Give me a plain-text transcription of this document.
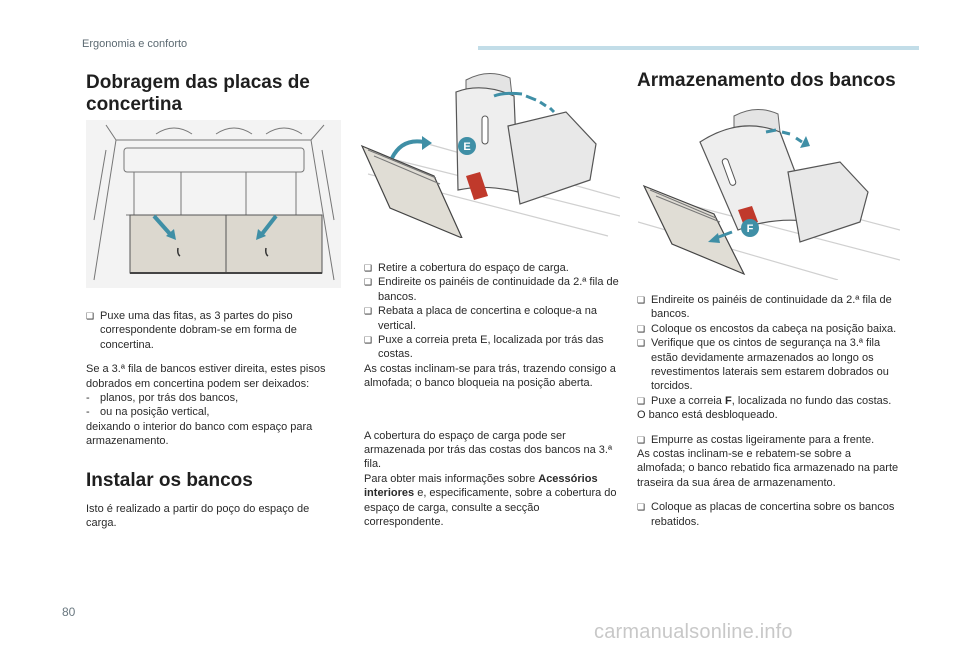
Ergonomia e conforto
Dobragem das placas de
concertina
❑ Puxe uma das fitas, as 3 partes do piso correspondente dobram-se em forma de concertina.

Se a 3.ª fila de bancos estiver direita, estes pisos dobrados em concertina podem ser deixados:

- planos, por trás dos bancos,
- ou na posição vertical,

deixando o interior do banco com espaço para armazenamento.

Instalar os bancos
Isto é realizado a partir do poço do espaço de carga.
E
❑ Retire a cobertura do espaço de carga.
❑ Endireite os painéis de continuidade da 2.ª fila de bancos.
❑ Rebata a placa de concertina e coloque-a na vertical.
❑ Puxe a correia preta E, localizada por trás das costas.

As costas inclinam-se para trás, trazendo consigo a almofada; o banco bloqueia na posição aberta.

A cobertura do espaço de carga pode ser armazenada por trás das costas dos bancos na 3.ª fila.

Para obter mais informações sobre Acessórios interiores e, especificamente, sobre a cobertura do espaço de carga, consulte a secção correspondente.

Armazenamento dos bancos
F
❑ Endireite os painéis de continuidade da 2.ª fila de bancos.
❑ Coloque os encostos da cabeça na posição baixa.
❑ Verifique que os cintos de segurança na 3.ª fila estão devidamente armazenados ao longo os revestimentos laterais sem estarem dobrados ou torcidos.
❑ Puxe a correia F, localizada no fundo das costas.

O banco está desbloqueado.

❑ Empurre as costas ligeiramente para a frente.

As costas inclinam-se e rebatem-se sobre a almofada; o banco rebatido fica armazenado na parte traseira da sua área de armazenamento.

❑ Coloque as placas de concertina sobre os bancos rebatidos.
80
carmanualsonline.info
